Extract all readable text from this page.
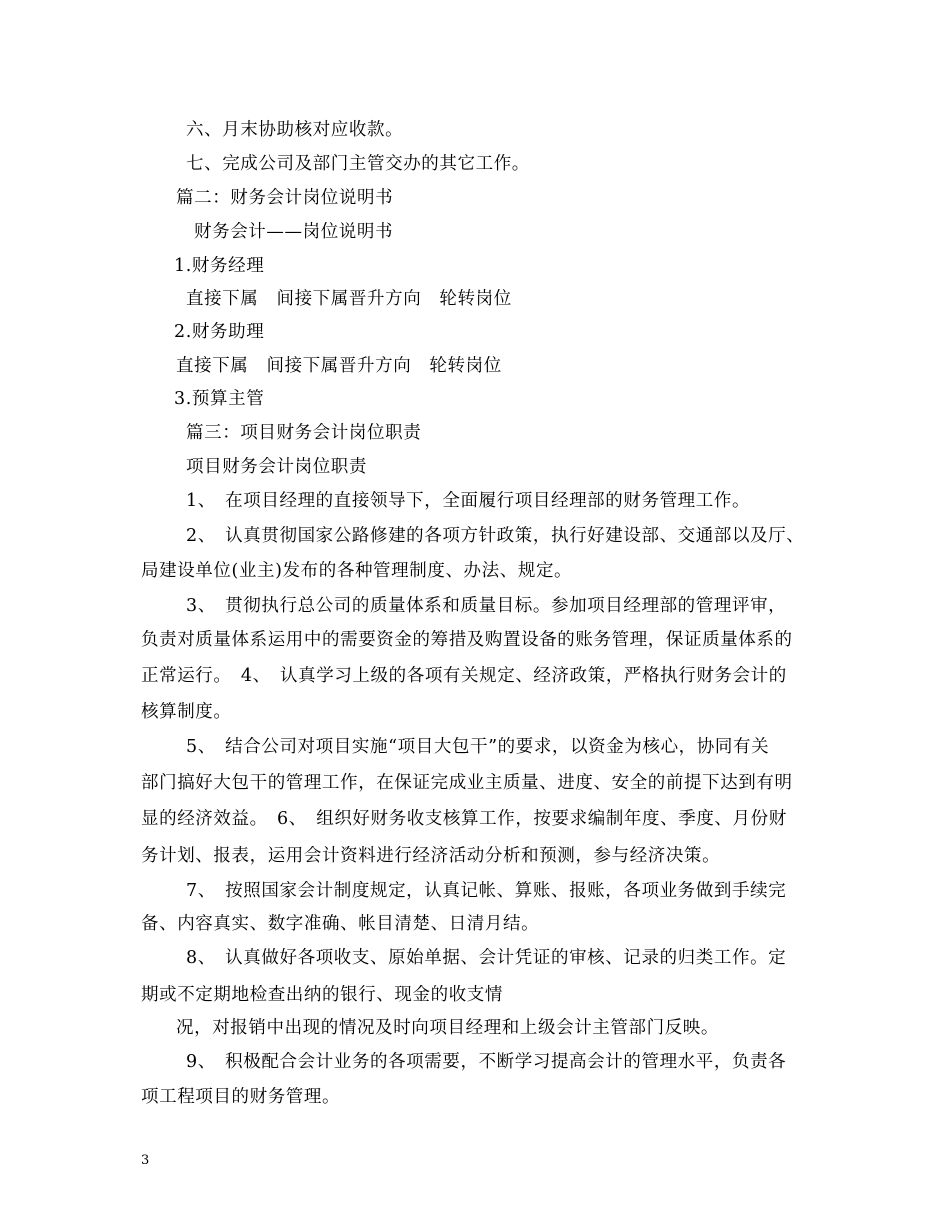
六、月末协助核对应收款。
七、完成公司及部门主管交办的其它工作。
篇二：财务会计岗位说明书
财务会计——岗位说明书
1.财务经理
直接下属　间接下属晋升方向　轮转岗位
2.财务助理
直接下属　间接下属晋升方向　轮转岗位
3.预算主管
篇三：项目财务会计岗位职责
项目财务会计岗位职责
1、　在项目经理的直接领导下，全面履行项目经理部的财务管理工作。
2、　认真贯彻国家公路修建的各项方针政策，执行好建设部、交通部以及厅、
局建设单位(业主)发布的各种管理制度、办法、规定。
3、　贯彻执行总公司的质量体系和质量目标。参加项目经理部的管理评审，
负责对质量体系运用中的需要资金的筹措及购置设备的账务管理，保证质量体系的
正常运行。　4、　认真学习上级的各项有关规定、经济政策，严格执行财务会计的
核算制度。
5、　结合公司对项目实施“项目大包干”的要求，以资金为核心，协同有关
部门搞好大包干的管理工作，在保证完成业主质量、进度、安全的前提下达到有明
显的经济效益。　6、　组织好财务收支核算工作，按要求编制年度、季度、月份财
务计划、报表，运用会计资料进行经济活动分析和预测，参与经济决策。
7、　按照国家会计制度规定，认真记帐、算账、报账，各项业务做到手续完
备、内容真实、数字准确、帐目清楚、日清月结。
8、　认真做好各项收支、原始单据、会计凭证的审核、记录的归类工作。定
期或不定期地检查出纳的银行、现金的收支情
况，对报销中出现的情况及时向项目经理和上级会计主管部门反映。
9、　积极配合会计业务的各项需要，不断学习提高会计的管理水平，负责各
项工程项目的财务管理。
3
